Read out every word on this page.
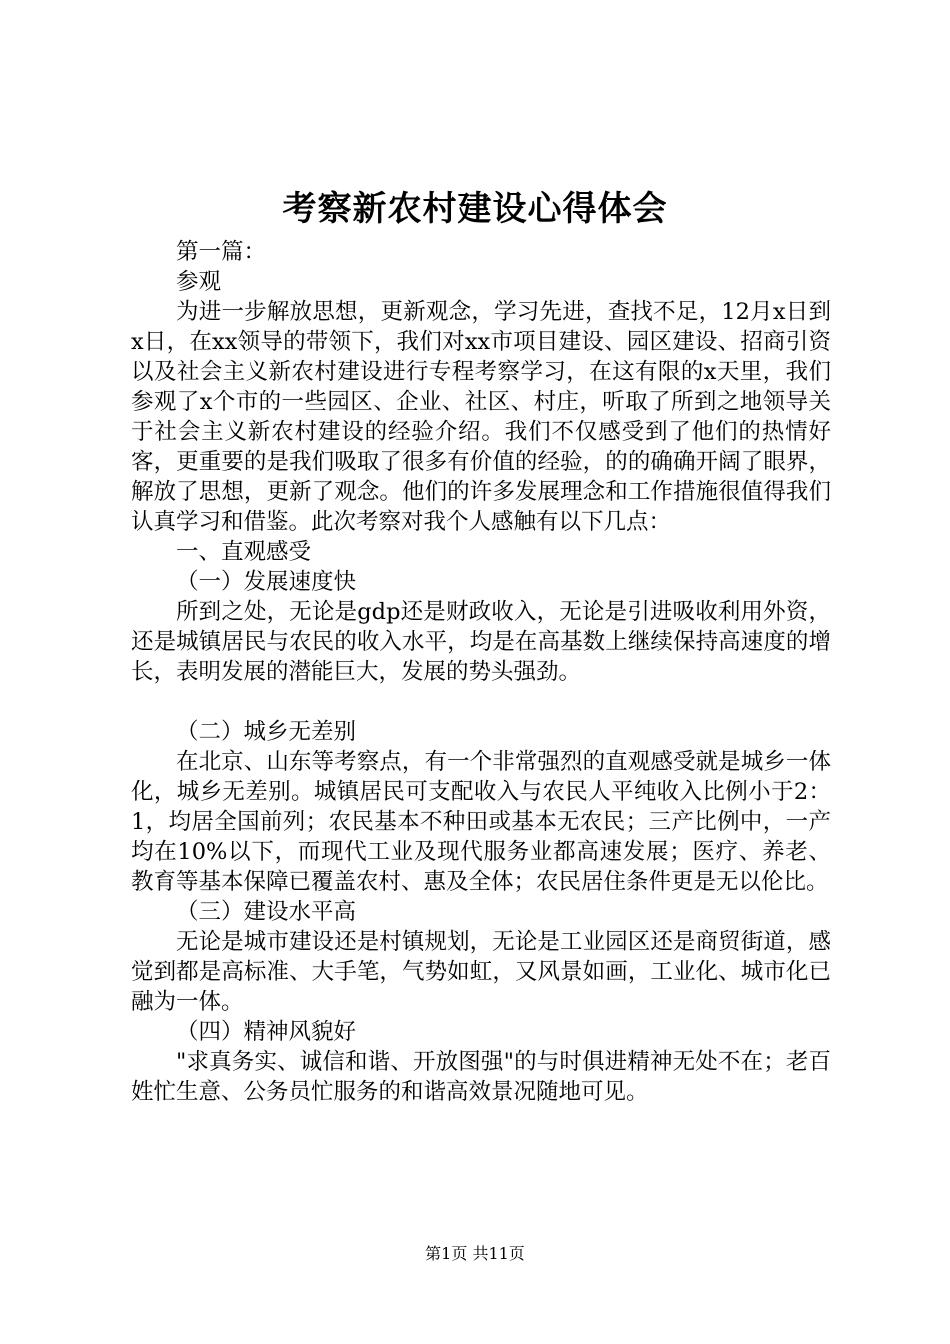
考察新农村建设心得体会

第一篇：

参观

为进一步解放思想，更新观念，学习先进，查找不足，12月x日到x日，在xx领导的带领下，我们对xx市项目建设、园区建设、招商引资以及社会主义新农村建设进行专程考察学习，在这有限的x天里，我们参观了x个市的一些园区、企业、社区、村庄，听取了所到之地领导关于社会主义新农村建设的经验介绍。我们不仅感受到了他们的热情好客，更重要的是我们吸取了很多有价值的经验，的的确确开阔了眼界，解放了思想，更新了观念。他们的许多发展理念和工作措施很值得我们认真学习和借鉴。此次考察对我个人感触有以下几点：

一、直观感受

（一）发展速度快

所到之处，无论是gdp还是财政收入，无论是引进吸收利用外资，还是城镇居民与农民的收入水平，均是在高基数上继续保持高速度的增长，表明发展的潜能巨大，发展的势头强劲。

（二）城乡无差别

在北京、山东等考察点，有一个非常强烈的直观感受就是城乡一体化，城乡无差别。城镇居民可支配收入与农民人平纯收入比例小于2：1，均居全国前列；农民基本不种田或基本无农民；三产比例中，一产均在10%以下，而现代工业及现代服务业都高速发展；医疗、养老、教育等基本保障已覆盖农村、惠及全体；农民居住条件更是无以伦比。

（三）建设水平高

无论是城市建设还是村镇规划，无论是工业园区还是商贸街道，感觉到都是高标准、大手笔，气势如虹，又风景如画，工业化、城市化已融为一体。

（四）精神风貌好

"求真务实、诚信和谐、开放图强"的与时俱进精神无处不在；老百姓忙生意、公务员忙服务的和谐高效景况随地可见。

第1页 共11页
